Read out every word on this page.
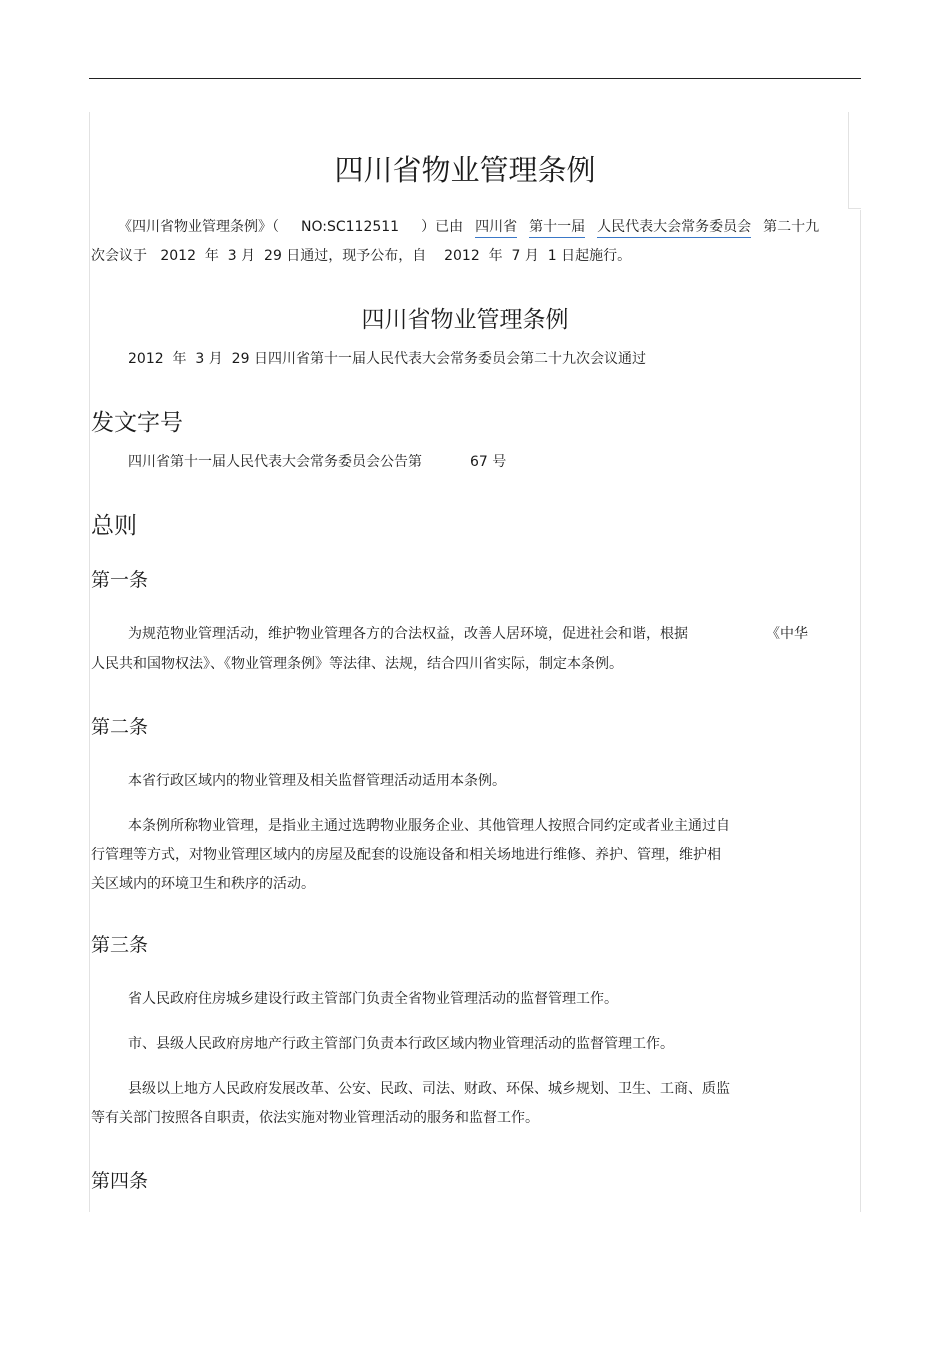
四川省物业管理条例
《四川省物业管理条例》（ NO:SC112511 ）已由 四川省 第十一届 人民代表大会常务委员会 第二十九
次会议于   2012  年  3 月  29 日通过，现予公布，自    2012  年  7 月  1 日起施行。
四川省物业管理条例
2012  年  3 月  29 日四川省第十一届人民代表大会常务委员会第二十九次会议通过
发文字号
四川省第十一届人民代表大会常务委员会公告第	67 号
总则
第一条
为规范物业管理活动，维护物业管理各方的合法权益，改善人居环境，促进社会和谐，根据	《中华
人民共和国物权法》、《物业管理条例》等法律、法规，结合四川省实际，制定本条例。
第二条
本省行政区域内的物业管理及相关监督管理活动适用本条例。
本条例所称物业管理，是指业主通过选聘物业服务企业、其他管理人按照合同约定或者业主通过自
行管理等方式，对物业管理区域内的房屋及配套的设施设备和相关场地进行维修、养护、管理，维护相
关区域内的环境卫生和秩序的活动。
第三条
省人民政府住房城乡建设行政主管部门负责全省物业管理活动的监督管理工作。
市、县级人民政府房地产行政主管部门负责本行政区域内物业管理活动的监督管理工作。
县级以上地方人民政府发展改革、公安、民政、司法、财政、环保、城乡规划、卫生、工商、质监
等有关部门按照各自职责，依法实施对物业管理活动的服务和监督工作。
第四条
